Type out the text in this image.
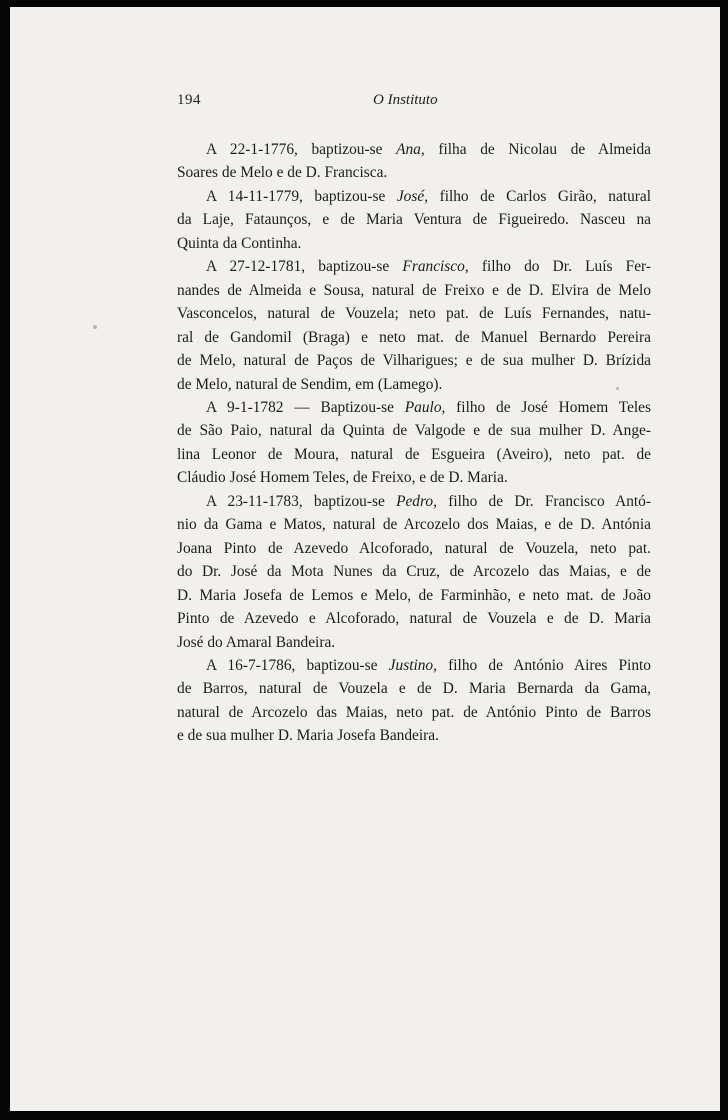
194	O Instituto

A 22-1-1776, baptizou-se Ana, filha de Nicolau de Almeida
Soares de Melo e de D. Francisca.

A 14-11-1779, baptizou-se José, filho de Carlos Girão, natural
da Laje, Fataunços, e de Maria Ventura de Figueiredo. Nasceu na
Quinta da Continha.

A 27-12-1781, baptizou-se Francisco, filho do Dr. Luís Fer-
nandes de Almeida e Sousa, natural de Freixo e de D. Elvira de Melo
Vasconcelos, natural de Vouzela; neto pat. de Luís Fernandes, natu-
ral de Gandomil (Braga) e neto mat. de Manuel Bernardo Pereira
de Melo, natural de Paços de Vilharigues; e de sua mulher D. Brízida
de Melo, natural de Sendim, em (Lamego).

A 9-1-1782 — Baptizou-se Paulo, filho de José Homem Teles
de São Paio, natural da Quinta de Valgode e de sua mulher D. Ange-
lina Leonor de Moura, natural de Esgueira (Aveiro), neto pat. de
Cláudio José Homem Teles, de Freixo, e de D. Maria.

A 23-11-1783, baptizou-se Pedro, filho de Dr. Francisco Antó-
nio da Gama e Matos, natural de Arcozelo dos Maias, e de D. Antónia
Joana Pinto de Azevedo Alcoforado, natural de Vouzela, neto pat.
do Dr. José da Mota Nunes da Cruz, de Arcozelo das Maias, e de
D. Maria Josefa de Lemos e Melo, de Farminhão, e neto mat. de João
Pinto de Azevedo e Alcoforado, natural de Vouzela e de D. Maria
José do Amaral Bandeira.

A 16-7-1786, baptizou-se Justino, filho de António Aires Pinto
de Barros, natural de Vouzela e de D. Maria Bernarda da Gama,
natural de Arcozelo das Maias, neto pat. de António Pinto de Barros
e de sua mulher D. Maria Josefa Bandeira.
